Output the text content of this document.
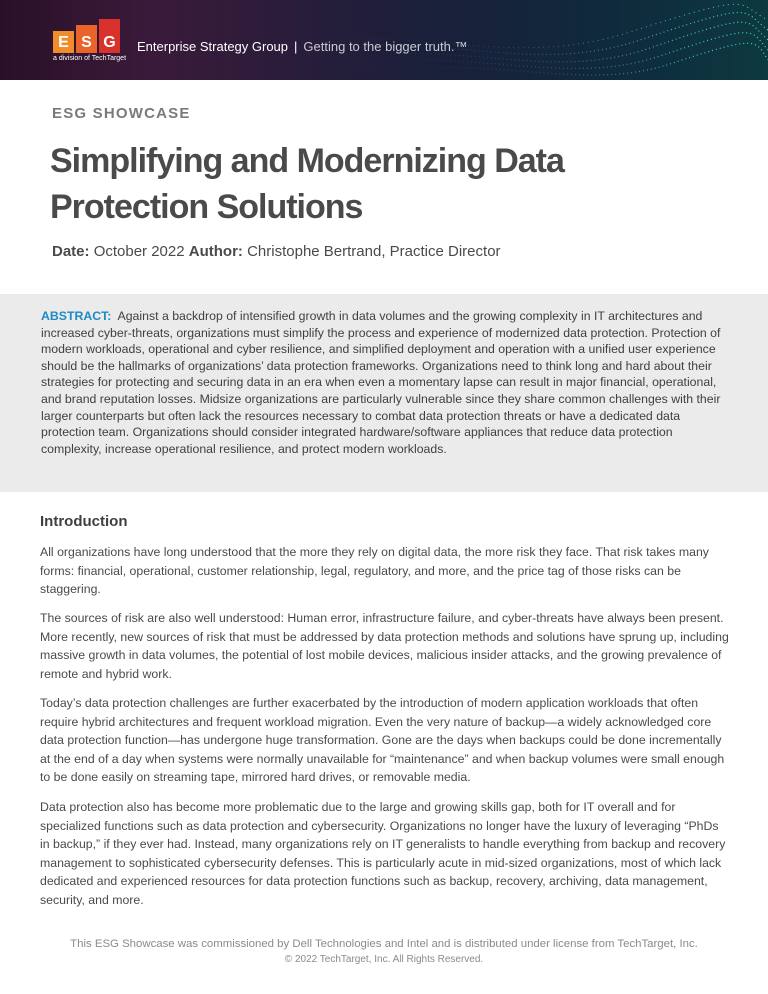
E S G
a division of TechTarget
Enterprise Strategy Group | Getting to the bigger truth.™
ESG SHOWCASE
Simplifying and Modernizing Data Protection Solutions
Date: October 2022 Author: Christophe Bertrand, Practice Director

ABSTRACT: Against a backdrop of intensified growth in data volumes and the growing complexity in IT architectures and increased cyber-threats, organizations must simplify the process and experience of modernized data protection. Protection of modern workloads, operational and cyber resilience, and simplified deployment and operation with a unified user experience should be the hallmarks of organizations’ data protection frameworks. Organizations need to think long and hard about their strategies for protecting and securing data in an era when even a momentary lapse can result in major financial, operational, and brand reputation losses. Midsize organizations are particularly vulnerable since they share common challenges with their larger counterparts but often lack the resources necessary to combat data protection threats or have a dedicated data protection team. Organizations should consider integrated hardware/software appliances that reduce data protection complexity, increase operational resilience, and protect modern workloads.

Introduction

All organizations have long understood that the more they rely on digital data, the more risk they face. That risk takes many forms: financial, operational, customer relationship, legal, regulatory, and more, and the price tag of those risks can be staggering.

The sources of risk are also well understood: Human error, infrastructure failure, and cyber-threats have always been present. More recently, new sources of risk that must be addressed by data protection methods and solutions have sprung up, including massive growth in data volumes, the potential of lost mobile devices, malicious insider attacks, and the growing prevalence of remote and hybrid work.

Today’s data protection challenges are further exacerbated by the introduction of modern application workloads that often require hybrid architectures and frequent workload migration. Even the very nature of backup—a widely acknowledged core data protection function—has undergone huge transformation. Gone are the days when backups could be done incrementally at the end of a day when systems were normally unavailable for “maintenance” and when backup volumes were small enough to be done easily on streaming tape, mirrored hard drives, or removable media.

Data protection also has become more problematic due to the large and growing skills gap, both for IT overall and for specialized functions such as data protection and cybersecurity. Organizations no longer have the luxury of leveraging “PhDs in backup,” if they ever had. Instead, many organizations rely on IT generalists to handle everything from backup and recovery management to sophisticated cybersecurity defenses. This is particularly acute in mid-sized organizations, most of which lack dedicated and experienced resources for data protection functions such as backup, recovery, archiving, data management, security, and more.

This ESG Showcase was commissioned by Dell Technologies and Intel and is distributed under license from TechTarget, Inc.
© 2022 TechTarget, Inc. All Rights Reserved.
